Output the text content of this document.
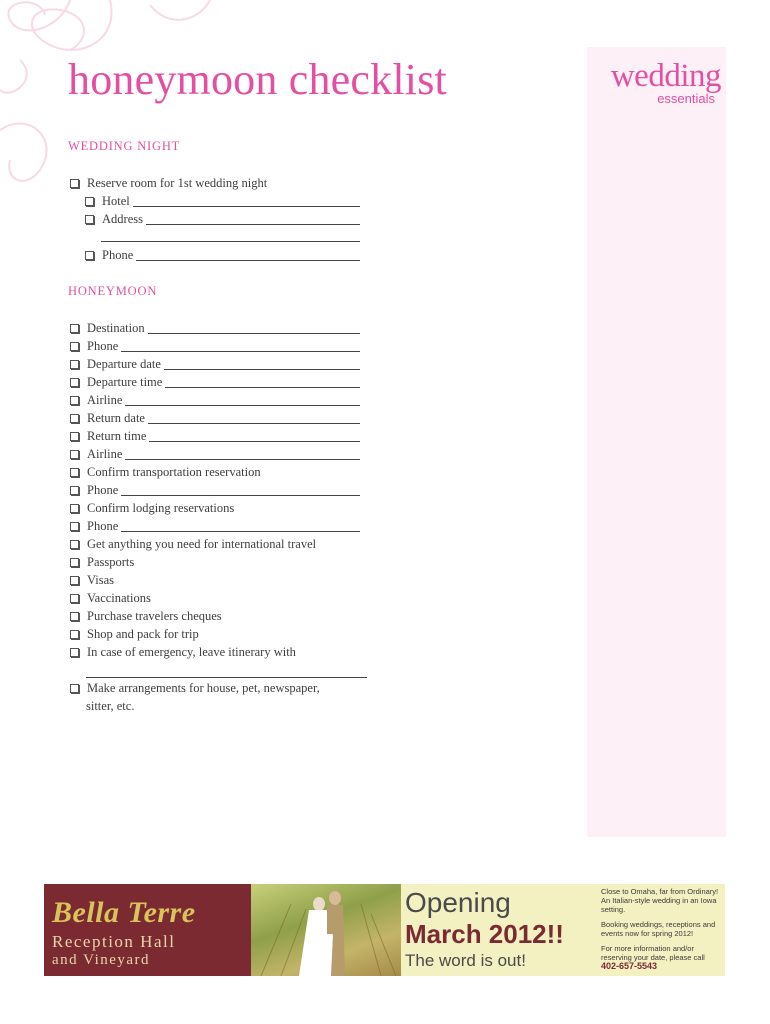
wedding
essentials
honeymoon checklist
WEDDING NIGHT
Reserve room for 1st wedding night
Hotel
Address
Phone
HONEYMOON
Destination
Phone
Departure date
Departure time
Airline
Return date
Return time
Airline
Confirm transportation reservation
Phone
Confirm lodging reservations
Phone
Get anything you need for international travel
Passports
Visas
Vaccinations
Purchase travelers cheques
Shop and pack for trip
In case of emergency, leave itinerary with
Make arrangements for house, pet, newspaper,
sitter, etc.
Bella Terre
Reception Hall
and Vineyard
Opening
March 2012!!
The word is out!
Close to Omaha, far from Ordinary! An Italian-style wedding in an Iowa setting.
Booking weddings, receptions and events now for spring 2012!
For more information and/or reserving your date, please call 402-657-5543
